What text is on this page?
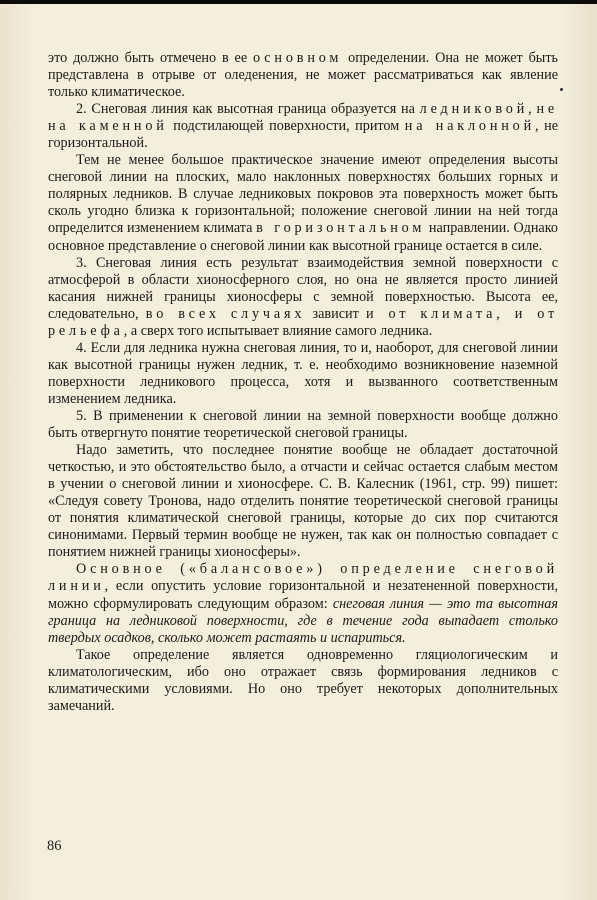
это должно быть отмечено в ее основном определении. Она не может быть представлена в отрыве от оледенения, не может рассматриваться как явление только климатическое.

2. Снеговая линия как высотная граница образуется на ледниковой, не на каменной подстилающей поверхности, притом на наклонной, не горизонтальной.

Тем не менее большое практическое значение имеют определения высоты снеговой линии на плоских, мало наклонных поверхностях больших горных и полярных ледников. В случае ледниковых покровов эта поверхность может быть сколь угодно близка к горизонтальной; положение снеговой линии на ней тогда определится изменением климата в горизонтальном направлении. Однако основное представление о снеговой линии как высотной границе остается в силе.

3. Снеговая линия есть результат взаимодействия земной поверхности с атмосферой в области хионосферного слоя, но она не является просто линией касания нижней границы хионосферы с земной поверхностью. Высота ее, следовательно, во всех случаях зависит и от климата, и от рельефа, а сверх того испытывает влияние самого ледника.

4. Если для ледника нужна снеговая линия, то и, наоборот, для снеговой линии как высотной границы нужен ледник, т. е. необходимо возникновение наземной поверхности ледникового процесса, хотя и вызванного соответственным изменением ледника.

5. В применении к снеговой линии на земной поверхности вообще должно быть отвергнуто понятие теоретической снеговой границы.

Надо заметить, что последнее понятие вообще не обладает достаточной четкостью, и это обстоятельство было, а отчасти и сейчас остается слабым местом в учении о снеговой линии и хионосфере. С. В. Калесник (1961, стр. 99) пишет: «Следуя совету Тронова, надо отделить понятие теоретической снеговой границы от понятия климатической снеговой границы, которые до сих пор считаются синонимами. Первый термин вообще не нужен, так как он полностью совпадает с понятием нижней границы хионосферы».

Основное («балансовое») определение снеговой линии, если опустить условие горизонтальной и незатененной поверхности, можно сформулировать следующим образом: снеговая линия — это та высотная граница на ледниковой поверхности, где в течение года выпадает столько твердых осадков, сколько может растаять и испариться.

Такое определение является одновременно гляциологическим и климатологическим, ибо оно отражает связь формирования ледников с климатическими условиями. Но оно требует некоторых дополнительных замечаний.

86
